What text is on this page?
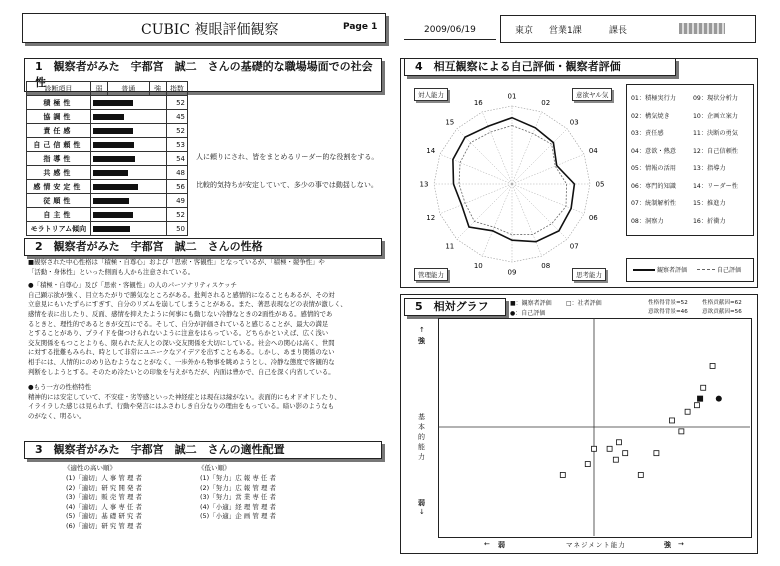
CUBIC 複眼評価観察	Page 1	2009/06/19	東京 営業1課	課長
1　観察者がみた　宇都宮　誠二　さんの基礎的な職場場面での社会性
診断項目	弱	普通	強	指数
積極性				52
協調性				45
責任感				52
自己信頼性				53
指導性				54
共感性				48
感情安定性				56
従順性				49
自主性				52
モラトリアム傾向				50
人に頼りにされ、皆をまとめるリーダー的な役割をする。
比較的気持ちが安定していて、多少の事では動揺しない。
2　観察者がみた　宇都宮　誠二　さんの性格

■観察された中心性格は「積極・自尊心」および「思索・客観性」となっているが、「積極・競争性」や

「活動・身体性」といった側面も人から注意されている。

●「積極・自尊心」及び「思索・客観性」の人のパーソナリティスケッチ

自己顕示欲が強く、目立ちたがりで勝気なところがある。批判されると感情的になることもあるが、その対

立意見にもいたずらにすぎす、自分のリズムを崩してしまうことがある。また、著思表現などの表情が激しく、

感情を表に出したり、反面、感情を抑えたように何事にも動じない冷静なときの2面性がある。感情的であ

るときと、理性的であるときが交互にでる。そして、自分が評価されていると感じることが、最大の満足

とすることがあり、プライドを傷つけられないように注意をはらっている。どちらかといえば、広く浅い

交友関係をもつことよりも、限られた友人との深い交友関係を大切にしている。社会への関心は高く、世間

に対する批難もみられ、時として非常にユニークなアイデアを出すこともある。しかし、あまり関係のない

相手には、人情的にのめり込むようなことがなく、一歩外から物事を眺めようとし、冷静な態度で客観的な

判断をしようとする。そのため冷たいとの印象を与えがちだが、内面は豊かで、自己を深く内省している。

●もう一方の性格特性

精神的には安定していて、不安症・劣等感といった神経症とは現在は縁がない。表面的にもオドオドしたり、

イライラした感じは見られず、行動や発言にはふさわしき自分なりの理由をもっている。暗い影のようなも

のがなく、明るい。

3　観察者がみた　宇都宮　誠二　さんの適性配置
《適性の高い順》	《低い順》
(1)「適切」人 事 管 理 者
(2)「適切」研 究 開 発 者
(3)「適切」販 売 管 理 者
(4)「適切」人 事 専 任 者
(5)「適切」基 礎 研 究 者
(6)「適切」研 究 管 理 者
(1)「努力」広 報 専 任 者
(2)「努力」広 報 管 理 者
(3)「努力」営 業 専 任 者
(4)「小適」経 理 管 理 者
(5)「小適」企 画 管 理 者
4　相互観察による自己評価・観察者評価
01
02
03
04
05
06
07
08
09
10
11
12
13
14
15
16
対人能力	意欲ヤル気
管理能力	思考能力
01：積極実行力	09：現状分析力
02：構気焼き	10：企画立案力
03：責任感	11：決断の勇気
04：意欲・熱意	12：自己信頼性
05：情報の活用	13：指導力
06：専門的知識	14：リーダー性
07：統制解析性	15：推進力
08：洞察力	16：折衝力
観察者評価	自己評価
5　相対グラフ	■：観察者評価 □：社者評価
●：自己評価
性格得背景=52	性格貢献因=62
意欲得背景=46	意欲貢献因=56
↑
強
基本的能力
弱
↓
← 弱	マネジメント能力	強 →
